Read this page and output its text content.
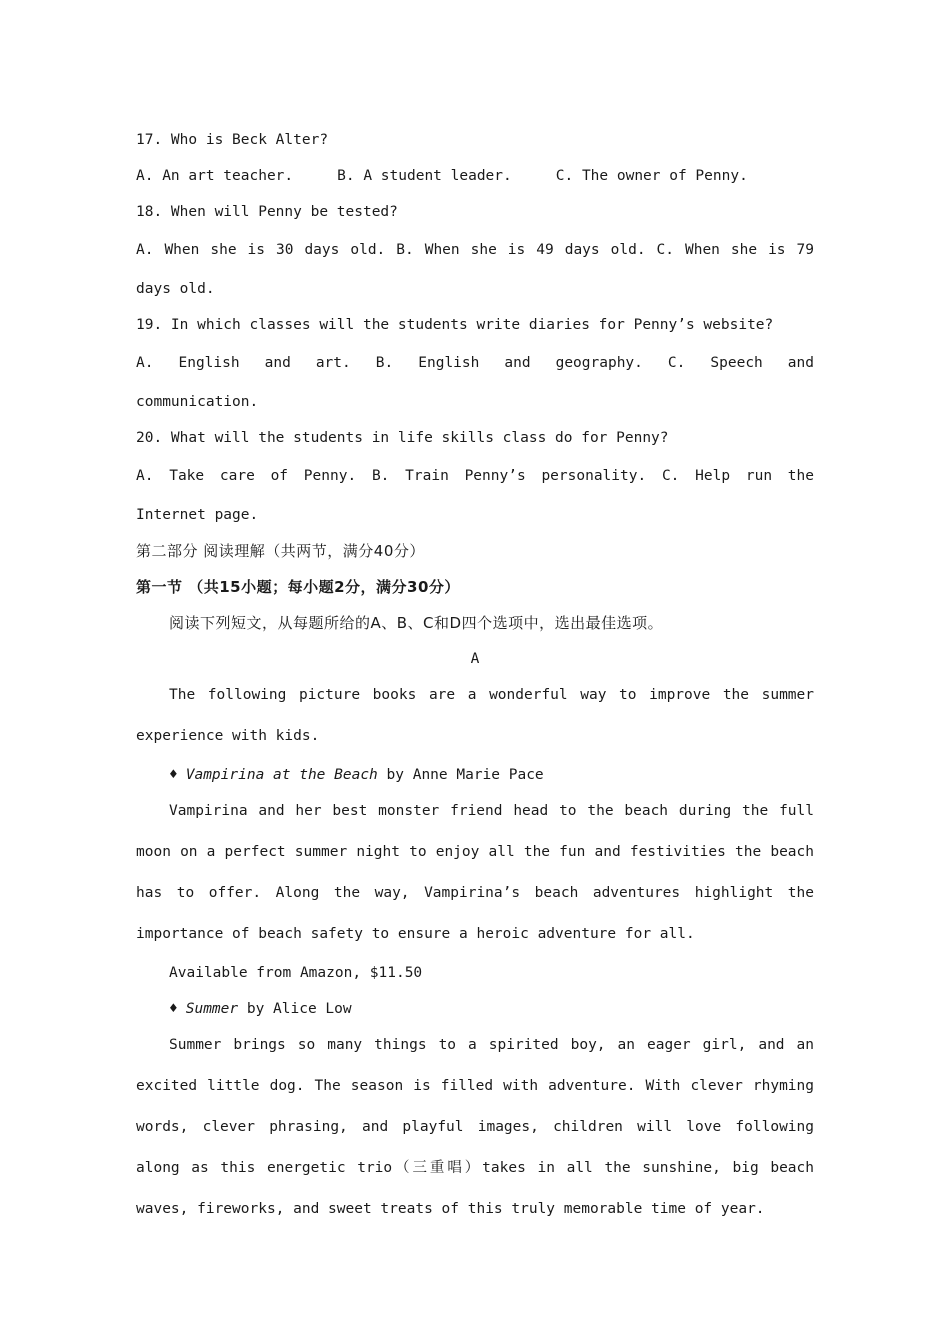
17. Who is Beck Alter?

A. An art teacher.	B. A student leader.	C. The owner of Penny.

18. When will Penny be tested?

A. When she is 30 days old. B. When she is 49 days old. C. When she is 79

days old.

19. In which classes will the students write diaries for Penny’s website?

A. English and art. B. English and geography. C. Speech and

communication.

20. What will the students in life skills class do for Penny?

A. Take care of Penny. B. Train Penny’s personality. C. Help run the

Internet page.

第二部分 阅读理解（共两节，满分40分）

第一节 （共15小题；每小题2分，满分30分）

阅读下列短文，从每题所给的A、B、C和D四个选项中，选出最佳选项。

A

The following picture books are a wonderful way to improve the summer experience with kids.

♦ Vampirina at the Beach by Anne Marie Pace

Vampirina and her best monster friend head to the beach during the full moon on a perfect summer night to enjoy all the fun and festivities the beach has to offer. Along the way, Vampirina’s beach adventures highlight the importance of beach safety to ensure a heroic adventure for all.

Available from Amazon, $11.50

♦ Summer by Alice Low

Summer brings so many things to a spirited boy, an eager girl, and an excited little dog. The season is filled with adventure. With clever rhyming words, clever phrasing, and playful images, children will love following along as this energetic trio（三重唱）takes in all the sunshine, big beach waves, fireworks, and sweet treats of this truly memorable time of year.
